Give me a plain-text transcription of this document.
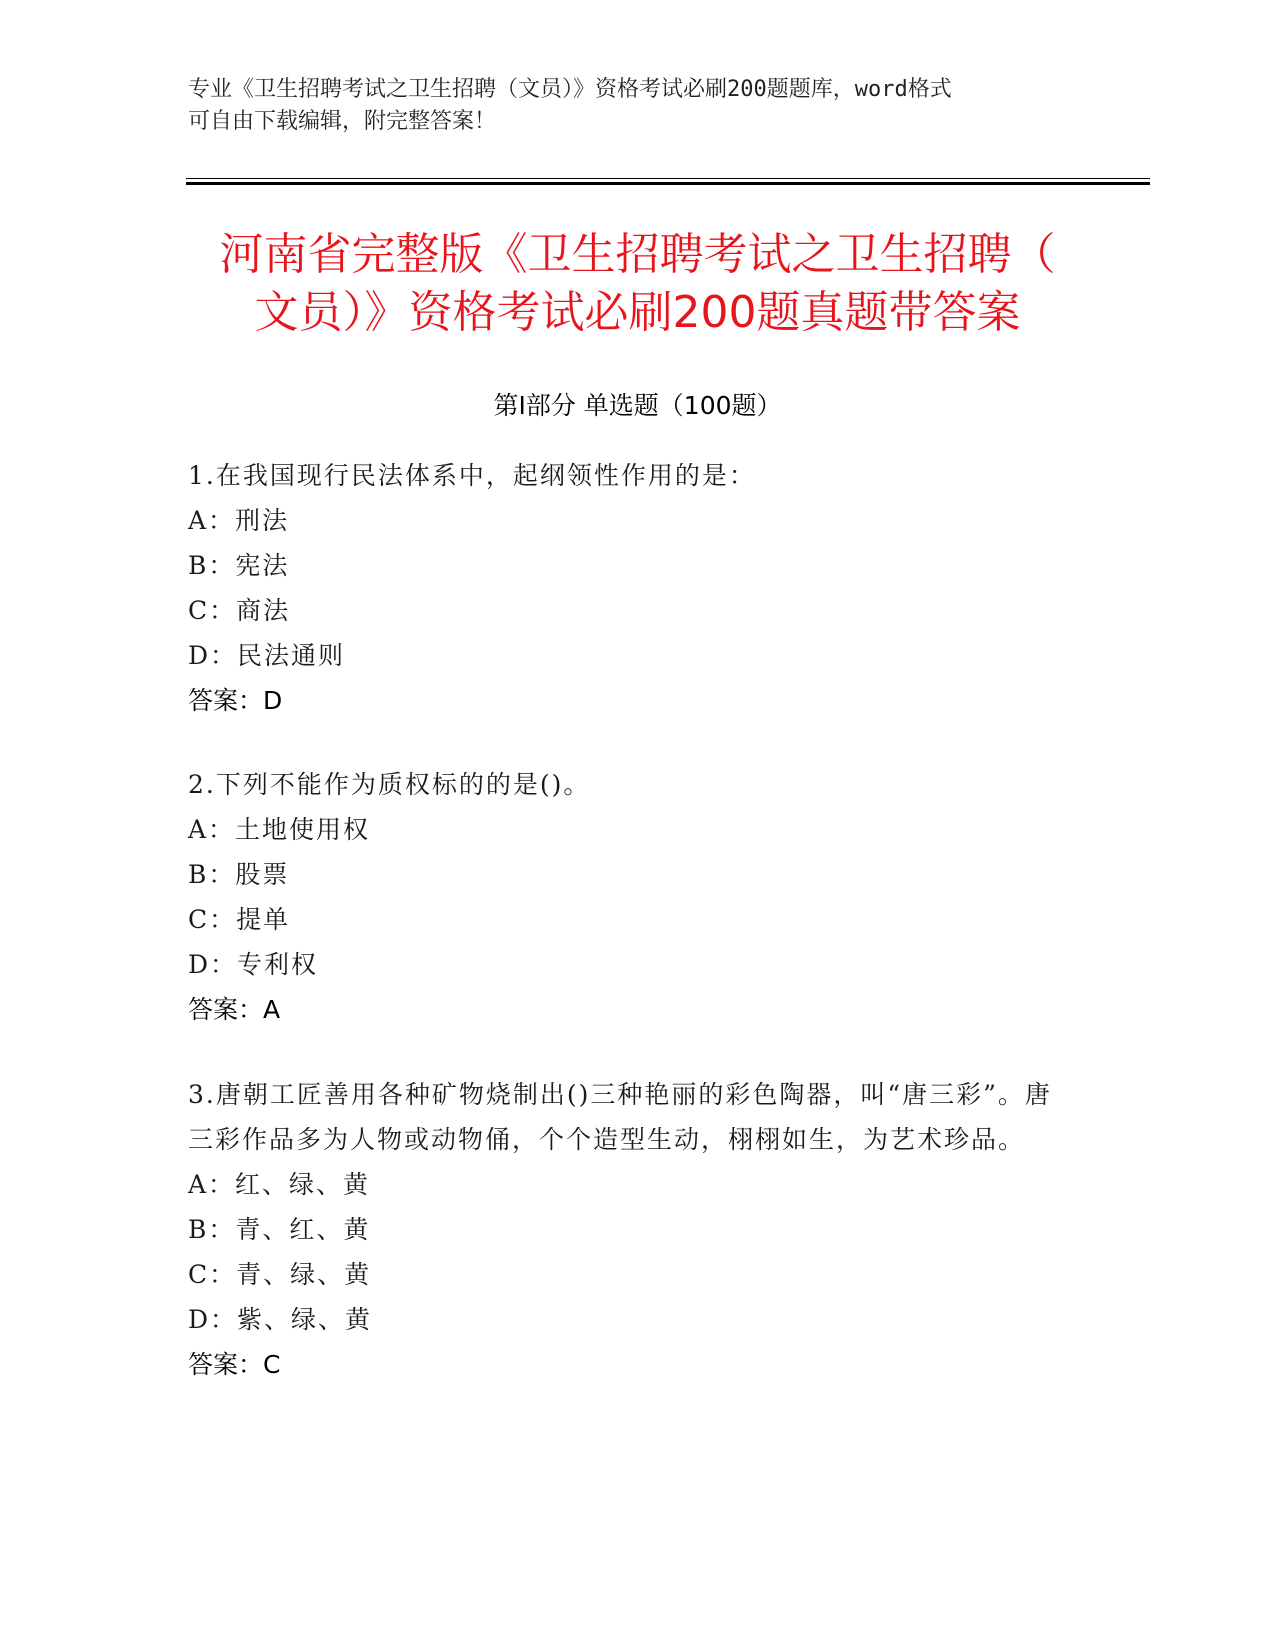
专业《卫生招聘考试之卫生招聘（文员）》资格考试必刷200题题库，word格式
可自由下载编辑，附完整答案！
河南省完整版《卫生招聘考试之卫生招聘（
文员）》资格考试必刷200题真题带答案
第Ⅰ部分 单选题（100题）
1.在我国现行民法体系中，起纲领性作用的是：
A：刑法
B：宪法
C：商法
D：民法通则
答案：D
2.下列不能作为质权标的的是()。
A：土地使用权
B：股票
C：提单
D：专利权
答案：A
3.唐朝工匠善用各种矿物烧制出()三种艳丽的彩色陶器，叫“唐三彩”。唐三彩作品多为人物或动物俑，个个造型生动，栩栩如生，为艺术珍品。
A：红、绿、黄
B：青、红、黄
C：青、绿、黄
D：紫、绿、黄
答案：C
